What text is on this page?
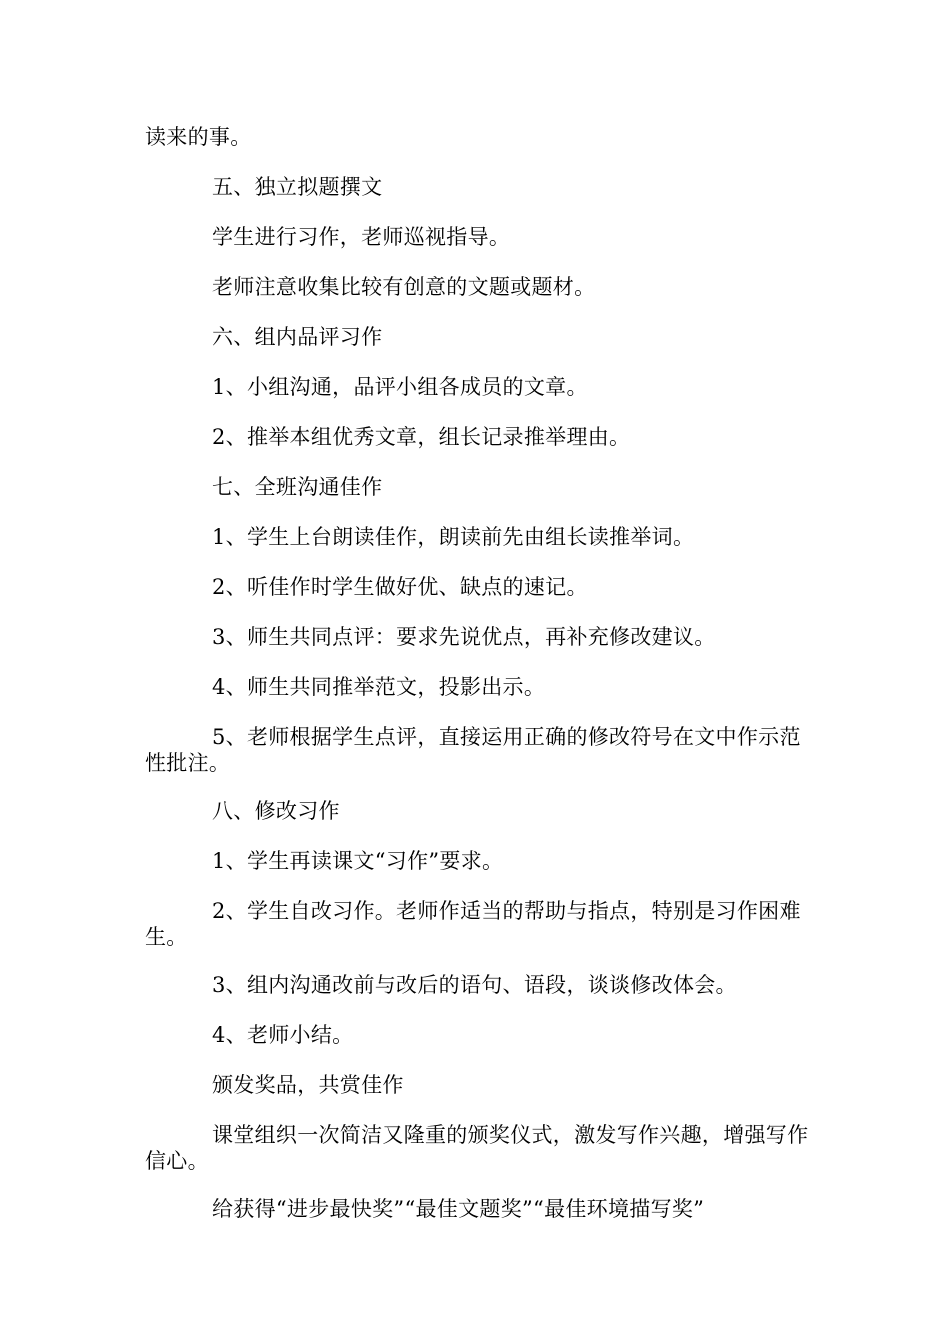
读来的事。
五、独立拟题撰文
学生进行习作，老师巡视指导。
老师注意收集比较有创意的文题或题材。
六、组内品评习作
1、小组沟通，品评小组各成员的文章。
2、推举本组优秀文章，组长记录推举理由。
七、全班沟通佳作
1、学生上台朗读佳作，朗读前先由组长读推举词。
2、听佳作时学生做好优、缺点的速记。
3、师生共同点评：要求先说优点，再补充修改建议。
4、师生共同推举范文，投影出示。
5、老师根据学生点评，直接运用正确的修改符号在文中作示范性批注。
八、修改习作
1、学生再读课文“习作”要求。
2、学生自改习作。老师作适当的帮助与指点，特别是习作困难生。
3、组内沟通改前与改后的语句、语段，谈谈修改体会。
4、老师小结。
颁发奖品，共赏佳作
课堂组织一次简洁又隆重的颁奖仪式，激发写作兴趣，增强写作信心。
给获得“进步最快奖”“最佳文题奖”“最佳环境描写奖”
